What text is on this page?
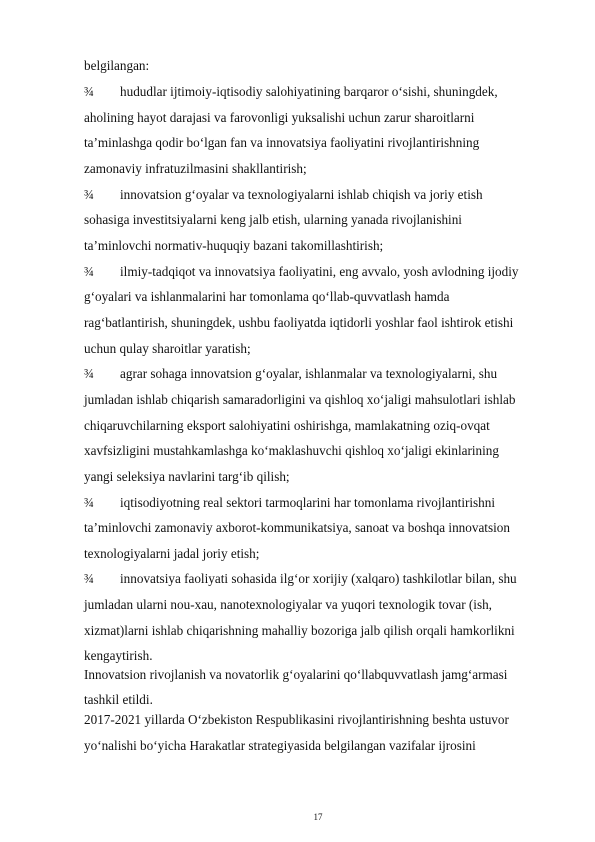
belgilangan:
¾ hududlar ijtimoiy-iqtisodiy salohiyatining barqaror o‘sishi, shuningdek,
aholining hayot darajasi va farovonligi yuksalishi uchun zarur sharoitlarni
ta’minlashga qodir bo‘lgan fan va innovatsiya faoliyatini rivojlantirishning
zamonaviy infratuzilmasini shakllantirish;
¾ innovatsion g‘oyalar va texnologiyalarni ishlab chiqish va joriy etish
sohasiga investitsiyalarni keng jalb etish, ularning yanada rivojlanishini
ta’minlovchi normativ-huquqiy bazani takomillashtirish;
¾ ilmiy-tadqiqot va innovatsiya faoliyatini, eng avvalo, yosh avlodning ijodiy
g‘oyalari va ishlanmalarini har tomonlama qo‘llab-quvvatlash hamda
rag‘batlantirish, shuningdek, ushbu faoliyatda iqtidorli yoshlar faol ishtirok etishi
uchun qulay sharoitlar yaratish;
¾ agrar sohaga innovatsion g‘oyalar, ishlanmalar va texnologiyalarni, shu
jumladan ishlab chiqarish samaradorligini va qishloq xo‘jaligi mahsulotlari ishlab
chiqaruvchilarning eksport salohiyatini oshirishga, mamlakatning oziq-ovqat
xavfsizligini mustahkamlashga ko‘maklashuvchi qishloq xo‘jaligi ekinlarining
yangi seleksiya navlarini targ‘ib qilish;
¾ iqtisodiyotning real sektori tarmoqlarini har tomonlama rivojlantirishni
ta’minlovchi zamonaviy axborot-kommunikatsiya, sanoat va boshqa innovatsion
texnologiyalarni jadal joriy etish;
¾ innovatsiya faoliyati sohasida ilg‘or xorijiy (xalqaro) tashkilotlar bilan, shu
jumladan ularni nou-xau, nanotexnologiyalar va yuqori texnologik tovar (ish,
xizmat)larni ishlab chiqarishning mahalliy bozoriga jalb qilish orqali hamkorlikni
kengaytirish.
Innovatsion rivojlanish va novatorlik g‘oyalarini qo‘llabquvvatlash jamg‘armasi
tashkil etildi.
2017-2021 yillarda O‘zbekiston Respublikasini rivojlantirishning beshta ustuvor
yo‘nalishi bo‘yicha Harakatlar strategiyasida belgilangan vazifalar ijrosini
17
